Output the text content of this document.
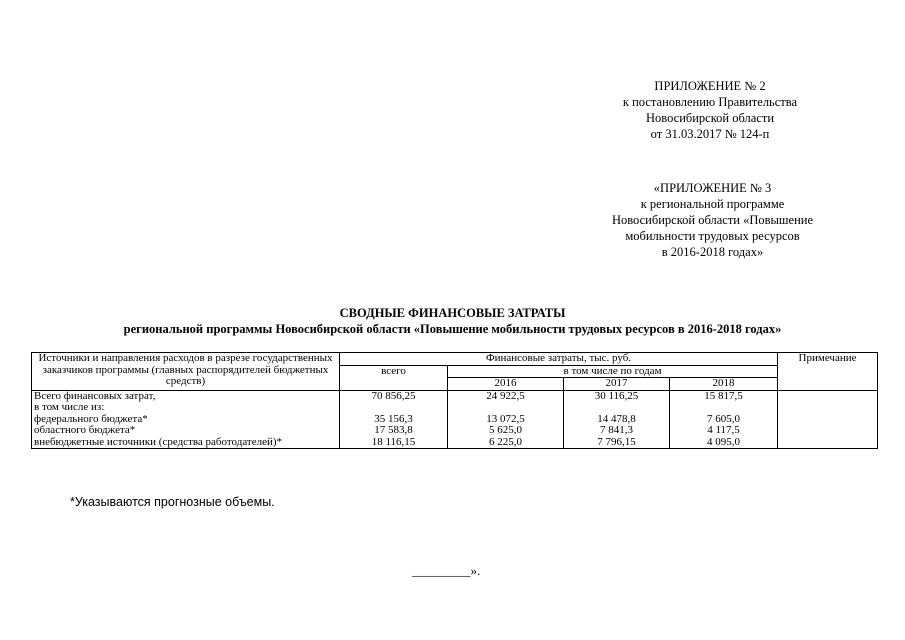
ПРИЛОЖЕНИЕ № 2
к постановлению Правительства
Новосибирской области
от 31.03.2017 № 124-п
«ПРИЛОЖЕНИЕ № 3
к региональной программе
Новосибирской области «Повышение
мобильности трудовых ресурсов
в 2016-2018 годах»
СВОДНЫЕ ФИНАНСОВЫЕ ЗАТРАТЫ
региональной программы Новосибирской области «Повышение мобильности трудовых ресурсов в 2016-2018 годах»
Источники и направления расходов в разрезе государственных заказчиков программы (главных распорядителей бюджетных средств)	Финансовые затраты, тыс. руб.				Примечание
	всего	в том числе по годам			
		2016	2017	2018	
Всего финансовых затрат,	70 856,25	24 922,5	30 116,25	15 817,5	
в том числе из:					
федерального бюджета*	35 156,3	13 072,5	14 478,8	7 605,0	
областного бюджета*	17 583,8	5 625,0	7 841,3	4 117,5	
внебюджетные источники (средства работодателей)*	18 116,15	6 225,0	7 796,15	4 095,0	
*Указываются прогнозные объемы.
_________».
